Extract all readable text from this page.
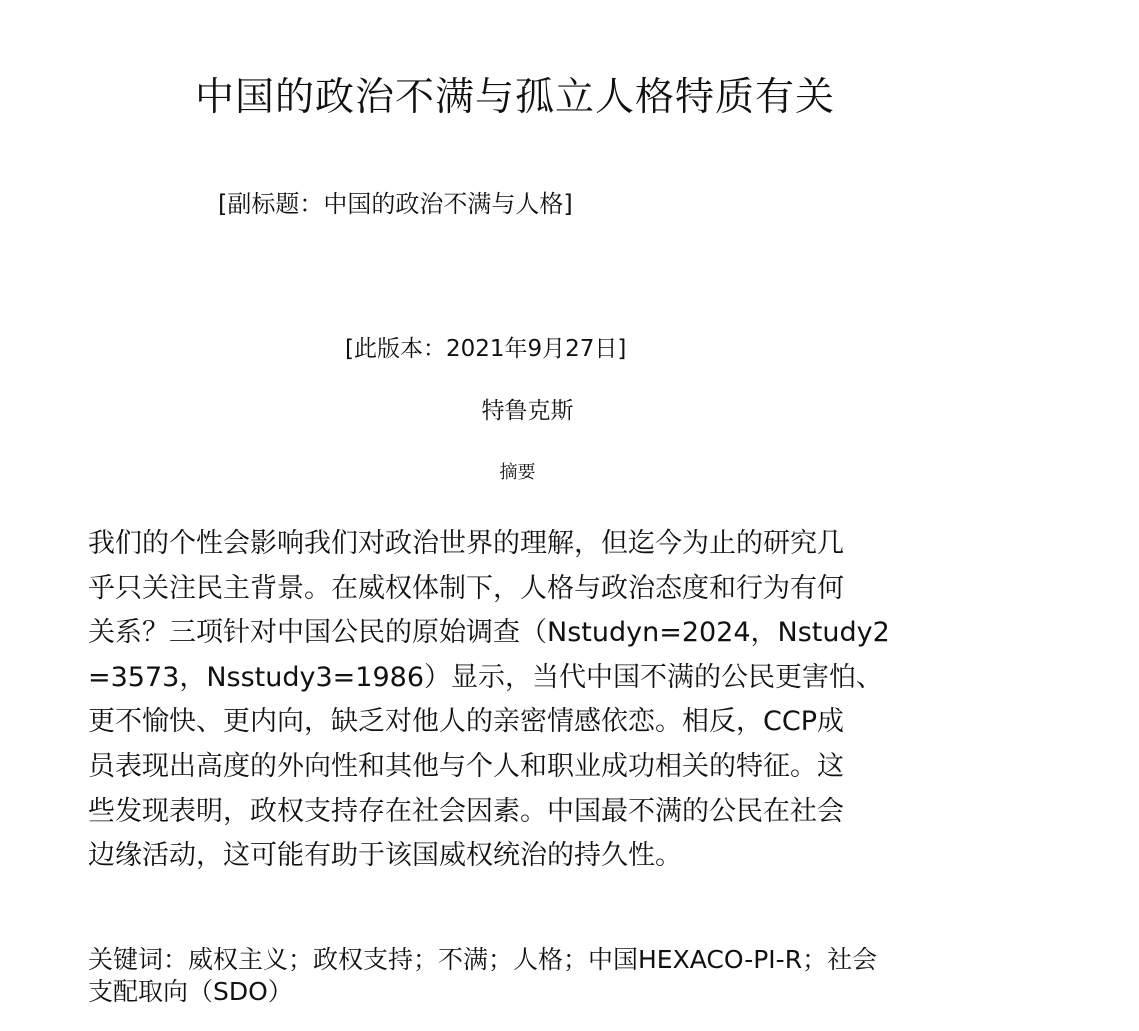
中国的政治不满与孤立人格特质有关
[副标题：中国的政治不满与人格]
[此版本：2021年9月27日]
特鲁克斯
摘要
我们的个性会影响我们对政治世界的理解，但迄今为止的研究几
乎只关注民主背景。在威权体制下，人格与政治态度和行为有何
关系？三项针对中国公民的原始调查（Nstudyn=2024，Nstudy2
=3573，Nsstudy3=1986）显示，当代中国不满的公民更害怕、
更不愉快、更内向，缺乏对他人的亲密情感依恋。相反，CCP成
员表现出高度的外向性和其他与个人和职业成功相关的特征。这
些发现表明，政权支持存在社会因素。中国最不满的公民在社会
边缘活动，这可能有助于该国威权统治的持久性。
关键词：威权主义；政权支持；不满；人格；中国HEXACO-PI-R；社会
支配取向（SDO）
